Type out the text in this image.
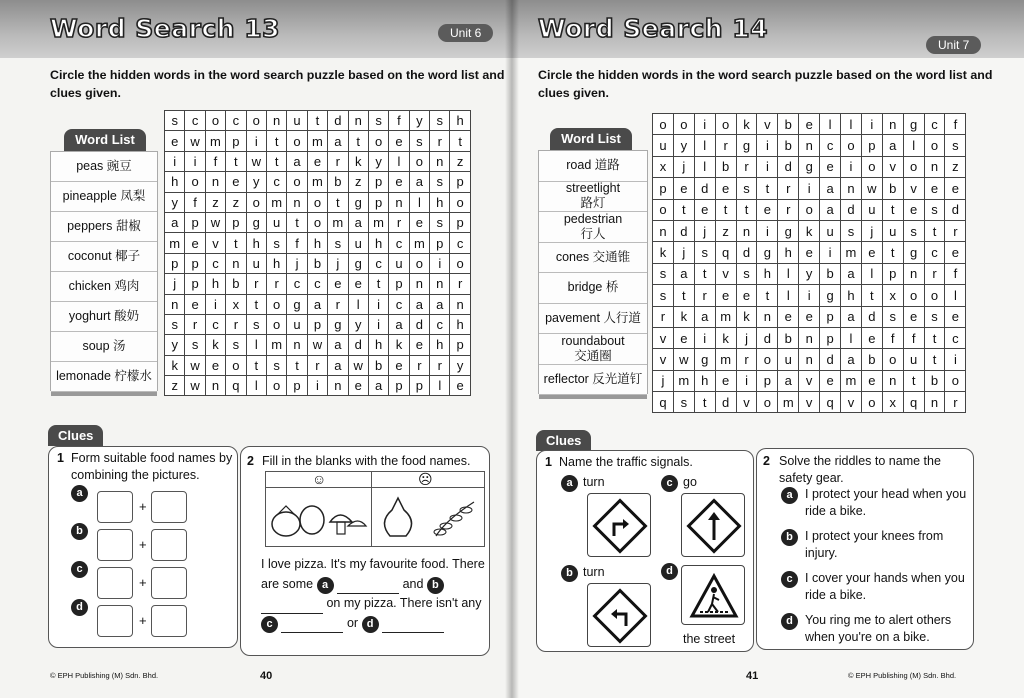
Word Search 13	Unit 6
Circle the hidden words in the word search puzzle based on the word list and clues given.
Word List
peas 豌豆
pineapple 凤梨
peppers 甜椒
coconut 椰子
chicken 鸡肉
yoghurt 酸奶
soup 汤
lemonade 柠檬水
s	c	o	c	o	n	u	t	d	n	s	f	y	s	h
e	w	m	p	i	t	o	m	a	t	o	e	s	r	t
i	i	f	t	w	t	a	e	r	k	y	l	o	n	z
h	o	n	e	y	c	o	m	b	z	p	e	a	s	p
y	f	z	z	o	m	n	o	t	g	p	n	l	h	o
a	p	w	p	g	u	t	o	m	a	m	r	e	s	p
m	e	v	t	h	s	f	h	s	u	h	c	m	p	c
p	p	c	n	u	h	j	b	j	g	c	u	o	i	o
j	p	h	b	r	r	c	c	e	e	t	p	n	n	r
n	e	i	x	t	o	g	a	r	l	i	c	a	a	n
s	r	c	r	s	o	u	p	g	y	i	a	d	c	h
y	s	k	s	l	m	n	w	a	d	h	k	e	h	p
k	w	e	o	t	s	t	r	a	w	b	e	r	r	y
z	w	n	q	l	o	p	i	n	e	a	p	p	l	e
Clues
1 Form suitable food names by combining the pictures.
a
+
b
+
c
+
d
+
2 Fill in the blanks with the food names.
☺	☹
I love pizza. It's my favourite food. There are some a	and b  on my pizza. There isn't any c	or d
© EPH Publishing (M) Sdn. Bhd.	40
Word Search 14
Unit 7
Circle the hidden words in the word search puzzle based on the word list and clues given.
Word List
road 道路
streetlight
路灯
pedestrian
行人
cones 交通锥
bridge 桥
pavement 人行道
roundabout
交通圈
reflector 反光道钉
o	o	i	o	k	v	b	e	l	l	i	n	g	c	f
u	y	l	r	g	i	b	n	c	o	p	a	l	o	s
x	j	l	b	r	i	d	g	e	i	o	v	o	n	z
p	e	d	e	s	t	r	i	a	n	w	b	v	e	e
o	t	e	t	t	e	r	o	a	d	u	t	e	s	d
n	d	j	z	n	i	g	k	u	s	j	u	s	t	r
k	j	s	q	d	g	h	e	i	m	e	t	g	c	e
s	a	t	v	s	h	l	y	b	a	l	p	n	r	f
s	t	r	e	e	t	l	i	g	h	t	x	o	o	l
r	k	a	m	k	n	e	e	p	a	d	s	e	s	e
v	e	i	k	j	d	b	n	p	l	e	f	f	t	c
v	w	g	m	r	o	u	n	d	a	b	o	u	t	i
j	m	h	e	i	p	a	v	e	m	e	n	t	b	o
q	s	t	d	v	o	m	v	q	v	o	x	q	n	r
Clues
1 Name the traffic signals.
a turn	c go
b turn	d
the street
2 Solve the riddles to name the safety gear.
a I protect your head when you ride a bike.
b I protect your knees from injury.
c I cover your hands when you ride a bike.
d You ring me to alert others when you're on a bike.
© EPH Publishing (M) Sdn. Bhd.
41
